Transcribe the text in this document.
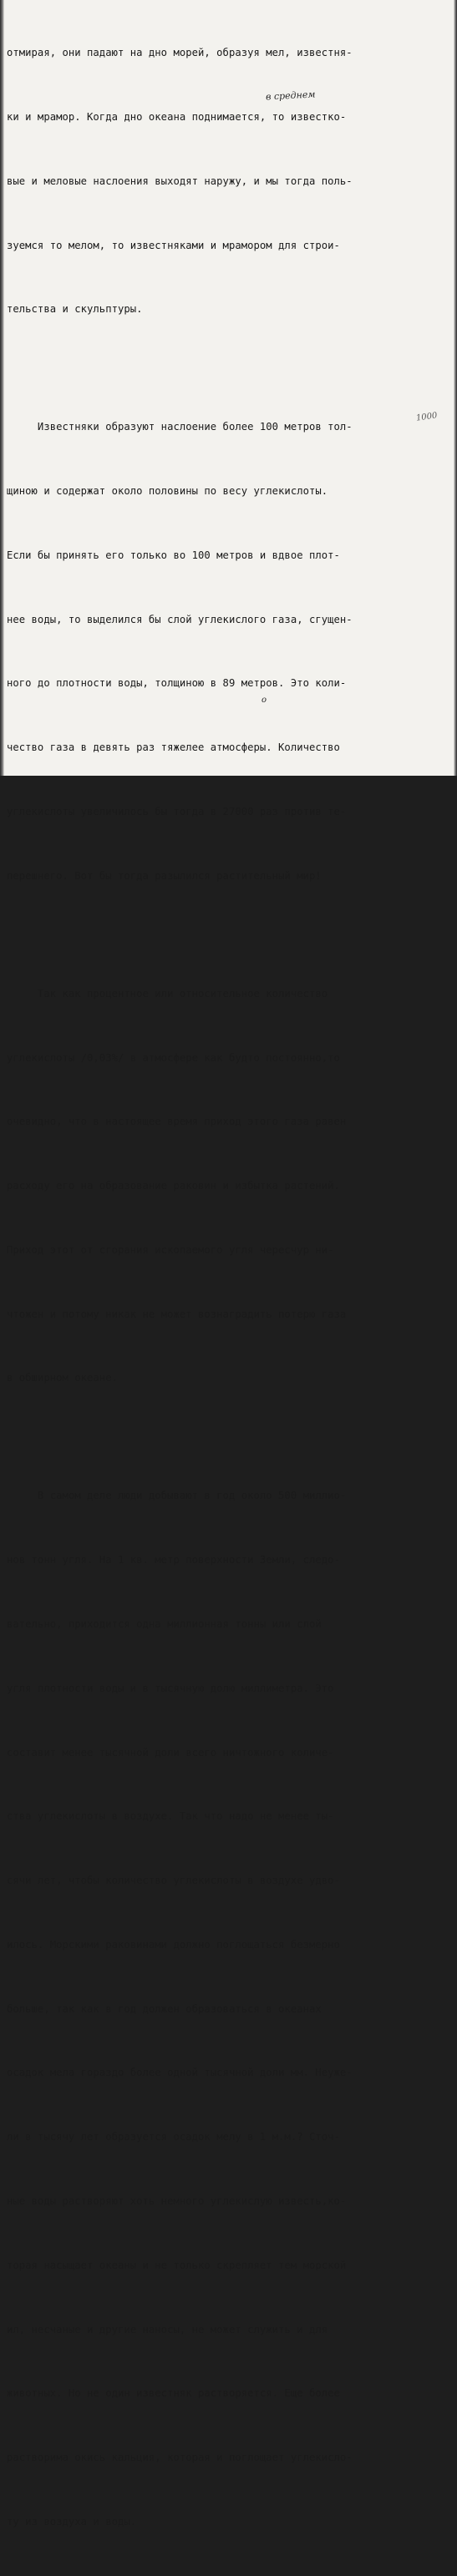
отмирая, они падают на дно морей, образуя мел, известня-

ки и мрамор. Когда дно океана поднимается, то известко-

вые и меловые наслоения выходят наружу, и мы тогда поль-

зуемся то мелом, то известняками и мрамором для строи-

тельства и скульптуры.

Известняки образуют наслоение более 100 метров тол-

щиною и содержат около половины по весу углекислоты.

Если бы принять его только во 100 метров и вдвое плот-

нее воды, то выделился бы слой углекислого газа, сгущен-

ного до плотности воды, толщиною в 89 метров. Это коли-

чество газа в девять раз тяжелее атмосферы. Количество

углекислоты увеличилось бы тогда в 27000 раз против те-

перешнего. Вот бы тогда разылился растительный мир!

Так как процентное или относительное количество

углекислоты /0,03%/ в атмосфере как будто постоянно,то

очевидно, что в настоящее время приход этого газа равен

расходу его на образование раковин и избытка растений.

Приход этот от сгорания ископаемого угля чересчур ни-

чтожен и потому никак не может вознаградить потерю газа

в обширном океане.

В самом деле люди добывают в год около 500 миллио-

нов тонн угля. На 1 кв. метр поверхности Земли, следо-

вательно, приходится одна миллионная тонны или слой

угля плотности воды и в тысячную долю миллиметра. Это

составит менее тысячной доли всего ничтожного количе-

ства углекислоты в воздухе. Так что надо не менее ты-

сячи лет, чтобы количество углекислоты в воздухе удво-

илось. Морскими раковинами должно поглощаться безмерно

больше, так как в год должен образоваться в океанах

осадок мела гораздо более одной тысячной доли мм. Неуже-

ли в тысячу лет образуется осадок мелу в 1 м.м.? Сточ-

ные воды растворяют хоть немного углекислую известь,ко-

торая насыщает океаны и не только скрепляет тем морской

ил, несчаные и другие наносы, не может служить и для

животных. Но не один известняк растворяется. Еще более

растворима окись кальция, которая и поглощает углекисло-

ту из воздуха и воды.

в среднем
1000
о
